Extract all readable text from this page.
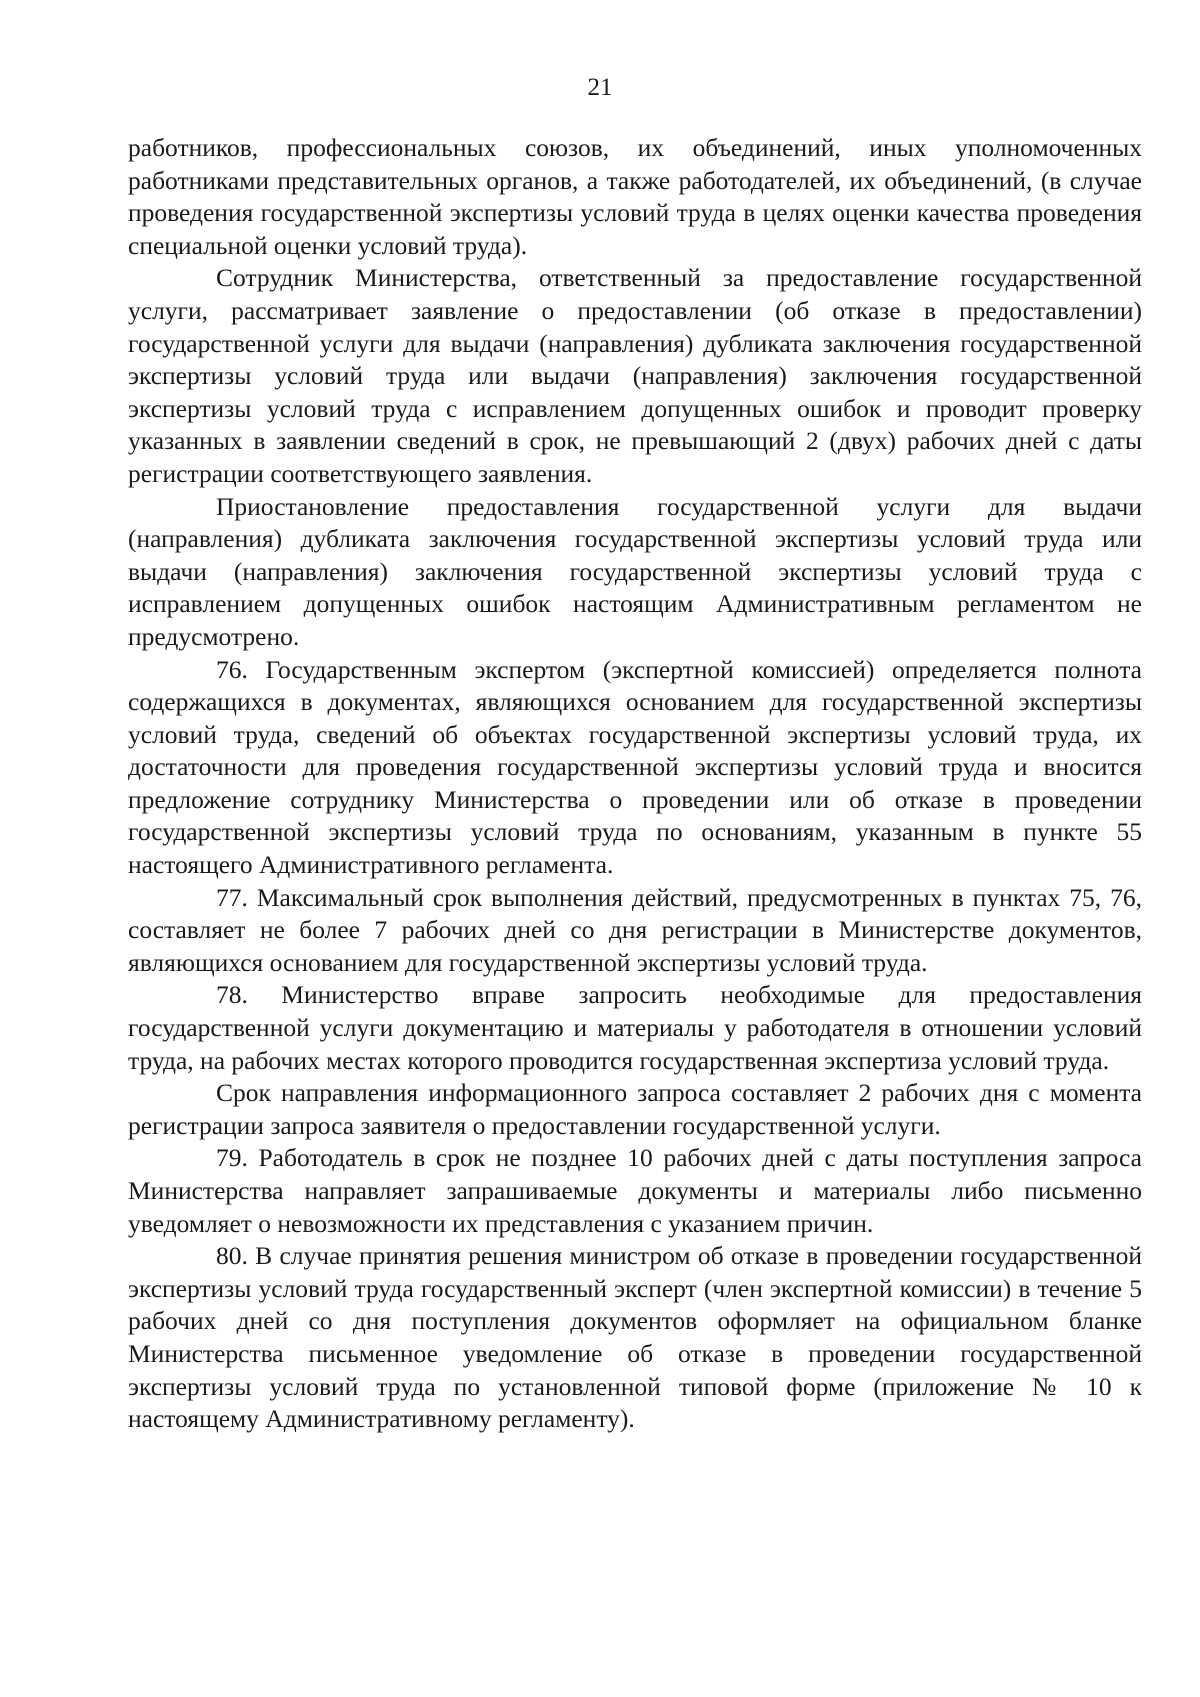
21

работников, профессиональных союзов, их объединений, иных уполномоченных работниками представительных органов, а также работодателей, их объединений, (в случае проведения государственной экспертизы условий труда в целях оценки качества проведения специальной оценки условий труда).

Сотрудник Министерства, ответственный за предоставление государственной услуги, рассматривает заявление о предоставлении (об отказе в предоставлении) государственной услуги для выдачи (направления) дубликата заключения государственной экспертизы условий труда или выдачи (направления) заключения государственной экспертизы условий труда с исправлением допущенных ошибок и проводит проверку указанных в заявлении сведений в срок, не превышающий 2 (двух) рабочих дней с даты регистрации соответствующего заявления.

Приостановление предоставления государственной услуги для выдачи (направления) дубликата заключения государственной экспертизы условий труда или выдачи (направления) заключения государственной экспертизы условий труда с исправлением допущенных ошибок настоящим Административным регламентом не предусмотрено.

76. Государственным экспертом (экспертной комиссией) определяется полнота содержащихся в документах, являющихся основанием для государственной экспертизы условий труда, сведений об объектах государственной экспертизы условий труда, их достаточности для проведения государственной экспертизы условий труда и вносится предложение сотруднику Министерства о проведении или об отказе в проведении государственной экспертизы условий труда по основаниям, указанным в пункте 55 настоящего Административного регламента.

77. Максимальный срок выполнения действий, предусмотренных в пунктах 75, 76, составляет не более 7 рабочих дней со дня регистрации в Министерстве документов, являющихся основанием для государственной экспертизы условий труда.

78. Министерство вправе запросить необходимые для предоставления государственной услуги документацию и материалы у работодателя в отношении условий труда, на рабочих местах которого проводится государственная экспертиза условий труда.

Срок направления информационного запроса составляет 2 рабочих дня с момента регистрации запроса заявителя о предоставлении государственной услуги.

79. Работодатель в срок не позднее 10 рабочих дней с даты поступления запроса Министерства направляет запрашиваемые документы и материалы либо письменно уведомляет о невозможности их представления с указанием причин.

80. В случае принятия решения министром об отказе в проведении государственной экспертизы условий труда государственный эксперт (член экспертной комиссии) в течение 5 рабочих дней со дня поступления документов оформляет на официальном бланке Министерства письменное уведомление об отказе в проведении государственной экспертизы условий труда по установленной типовой форме (приложение № 10 к настоящему Административному регламенту).
